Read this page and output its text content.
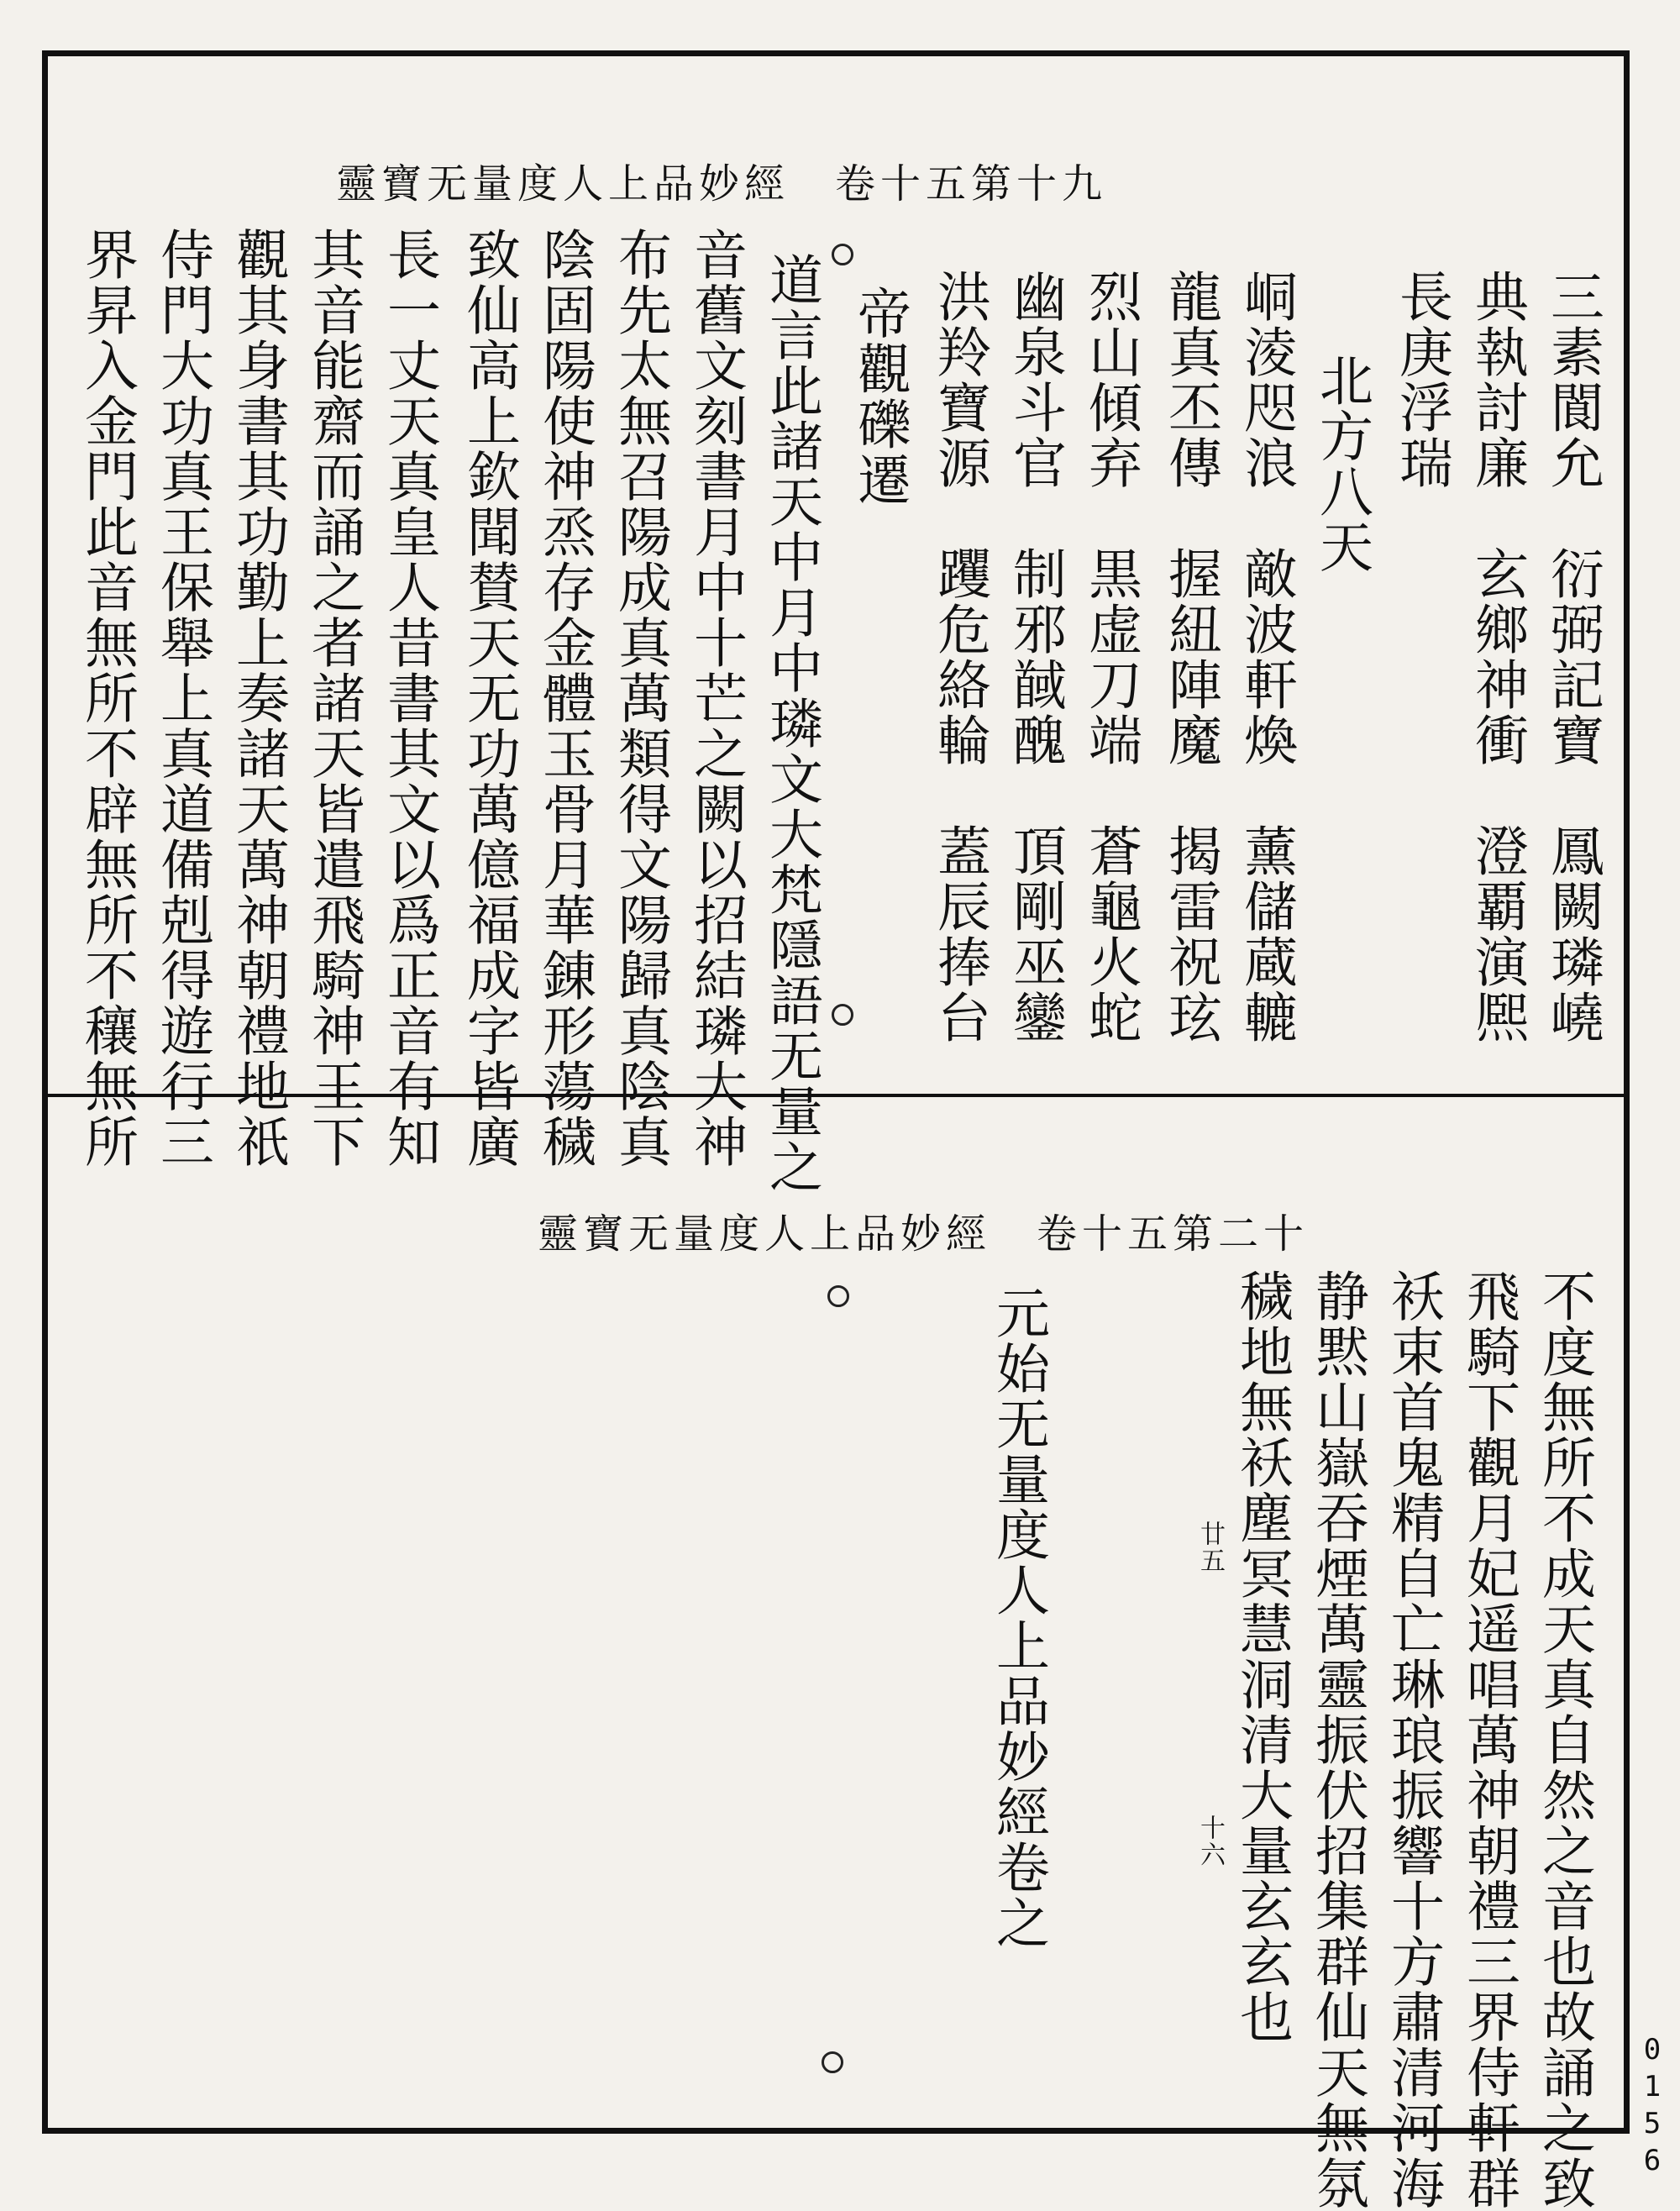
靈寶无量度人上品妙經　卷十五第十九
三素閬允　衍弼記寶　鳳闕璘嶢
典執討廉　玄鄉神衝　澄覇演熈
長庚浮瑞
北方八天
峒淩咫浪　敵波軒煥　薰儲蔵轆
龍真丕傳　握紐陣魔　揭雷祝玹
烈山傾弃　黒虚刀端　蒼龜火蛇
幽泉斗官　制邪馘醜　頂剛巫鑾
洪羚寶源　躩危絡輪　蓋辰捧台
帝觀礫遷
道言此諸天中月中璘文大梵隱語无量之
音舊文刻書月中十芒之闕以招結璘大神
布先太無召陽成真萬類得文陽歸真陰真
陰固陽使神烝存金體玉骨月華錬形蕩穢
致仙高上欽聞賛天无功萬億福成字皆廣
長一丈天真皇人昔書其文以爲正音有知
其音能齋而誦之者諸天皆遣飛騎神王下
觀其身書其功勤上奏諸天萬神朝禮地祇
侍門大功真王保舉上真道備剋得遊行三
界昇入金門此音無所不辟無所不穰無所
靈寶无量度人上品妙經　卷十五第二十
不度無所不成天真自然之音也故誦之致
飛騎下觀月妃遥唱萬神朝禮三界侍軒群
袄束首鬼精自亡琳琅振響十方肅清河海
静黙山嶽吞煙萬靈振伏招集群仙天無氛
穢地無袄塵冥慧洞清大量玄玄也
廿五
十六
元始无量度人上品妙經卷之
0156
